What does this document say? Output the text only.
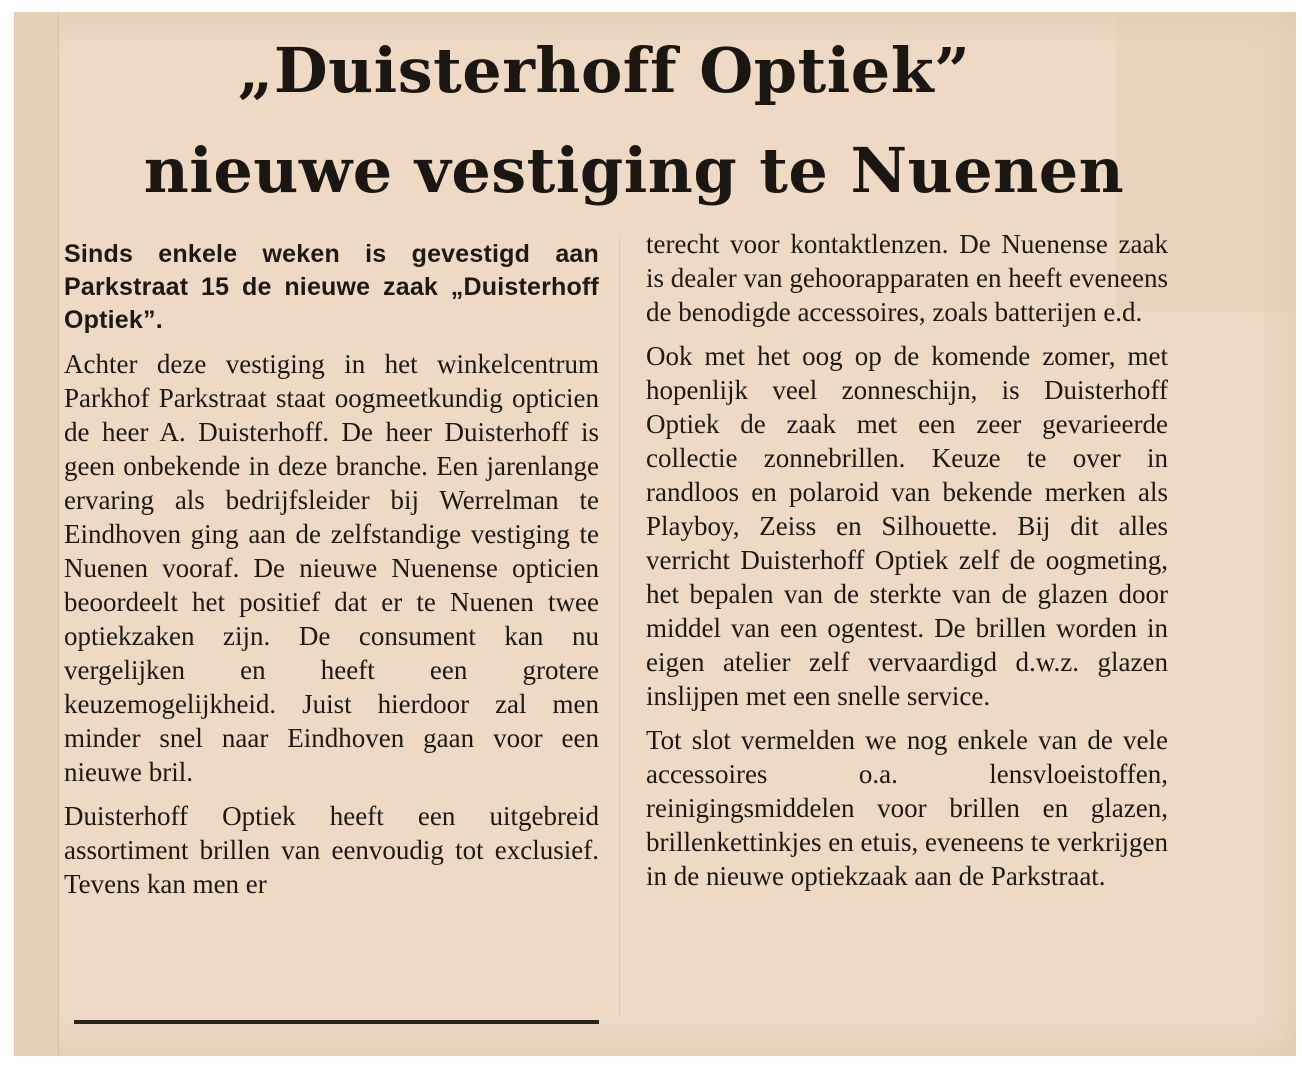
„Duisterhoff Optiek”
nieuwe vestiging te Nuenen

Sinds enkele weken is gevestigd aan Parkstraat 15 de nieuwe zaak „Duisterhoff Optiek”.

Achter deze vestiging in het winkelcentrum Parkhof Parkstraat staat oogmeetkundig opticien de heer A. Duisterhoff. De heer Duisterhoff is geen onbekende in deze branche. Een jarenlange ervaring als bedrijfsleider bij Werrelman te Eindhoven ging aan de zelfstandige vestiging te Nuenen vooraf. De nieuwe Nuenense opticien beoordeelt het positief dat er te Nuenen twee optiekzaken zijn. De consument kan nu vergelijken en heeft een grotere keuzemogelijkheid. Juist hierdoor zal men minder snel naar Eindhoven gaan voor een nieuwe bril.

Duisterhoff Optiek heeft een uitgebreid assortiment brillen van eenvoudig tot exclusief. Tevens kan men er

terecht voor kontaktlenzen. De Nuenense zaak is dealer van gehoorapparaten en heeft eveneens de benodigde accessoires, zoals batterijen e.d.

Ook met het oog op de komende zomer, met hopenlijk veel zonneschijn, is Duisterhoff Optiek de zaak met een zeer gevarieerde collectie zonnebrillen. Keuze te over in randloos en polaroid van bekende merken als Playboy, Zeiss en Silhouette. Bij dit alles verricht Duisterhoff Optiek zelf de oogmeting, het bepalen van de sterkte van de glazen door middel van een ogentest. De brillen worden in eigen atelier zelf vervaardigd d.w.z. glazen inslijpen met een snelle service.

Tot slot vermelden we nog enkele van de vele accessoires o.a. lensvloeistoffen, reinigingsmiddelen voor brillen en glazen, brillenkettinkjes en etuis, eveneens te verkrijgen in de nieuwe optiekzaak aan de Parkstraat.
